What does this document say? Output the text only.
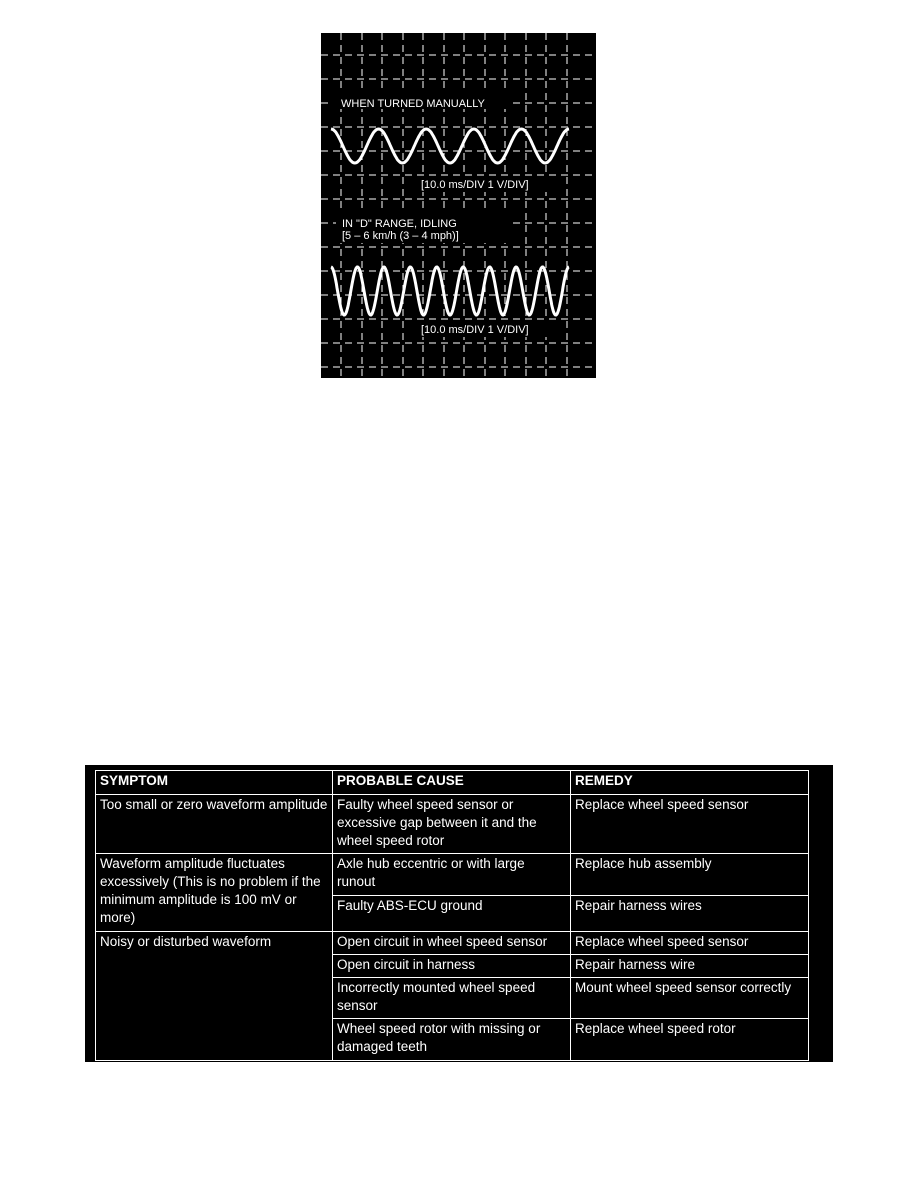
WHEN TURNED MANUALLY
[10.0 ms/DIV 1 V/DIV]
IN "D" RANGE, IDLING
[5 – 6 km/h (3 – 4 mph)]
[10.0 ms/DIV 1 V/DIV]
SYMPTOM	PROBABLE CAUSE	REMEDY
Too small or zero waveform amplitude	Faulty wheel speed sensor or excessive gap between it and the wheel speed rotor	Replace wheel speed sensor
Waveform amplitude fluctuates excessively (This is no problem if the minimum amplitude is 100 mV or more)	Axle hub eccentric or with large runout	Replace hub assembly
	Faulty ABS-ECU ground	Repair harness wires
Noisy or disturbed waveform	Open circuit in wheel speed sensor	Replace wheel speed sensor
	Open circuit in harness	Repair harness wire
	Incorrectly mounted wheel speed sensor	Mount wheel speed sensor correctly
	Wheel speed rotor with missing or damaged teeth	Replace wheel speed rotor
